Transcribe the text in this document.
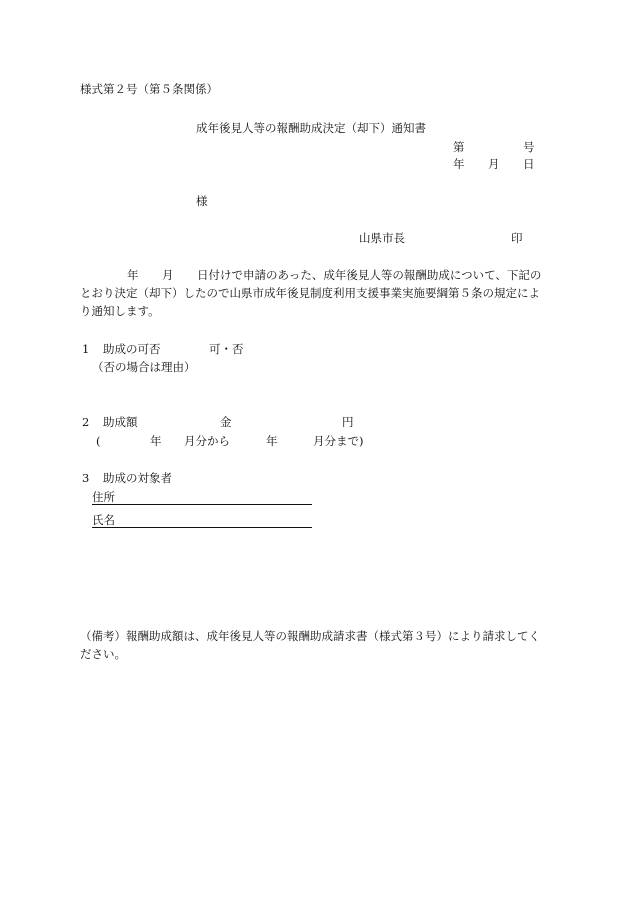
様式第２号（第５条関係）
成年後見人等の報酬助成決定（却下）通知書
第	号
年 月 日
様
山県市長	印
年 月 日付けで申請のあった、成年後見人等の報酬助成について、下記の
とおり決定（却下）したので山県市成年後見制度利用支援事業実施要綱第５条の規定によ
り通知します。
1 助成の可否	可・否
（否の場合は理由）
2 助成額	金	円
(	年 月分から	年	月分まで)
3 助成の対象者
住所
氏名
（備考）報酬助成額は、成年後見人等の報酬助成請求書（様式第３号）により請求してく
ださい。
